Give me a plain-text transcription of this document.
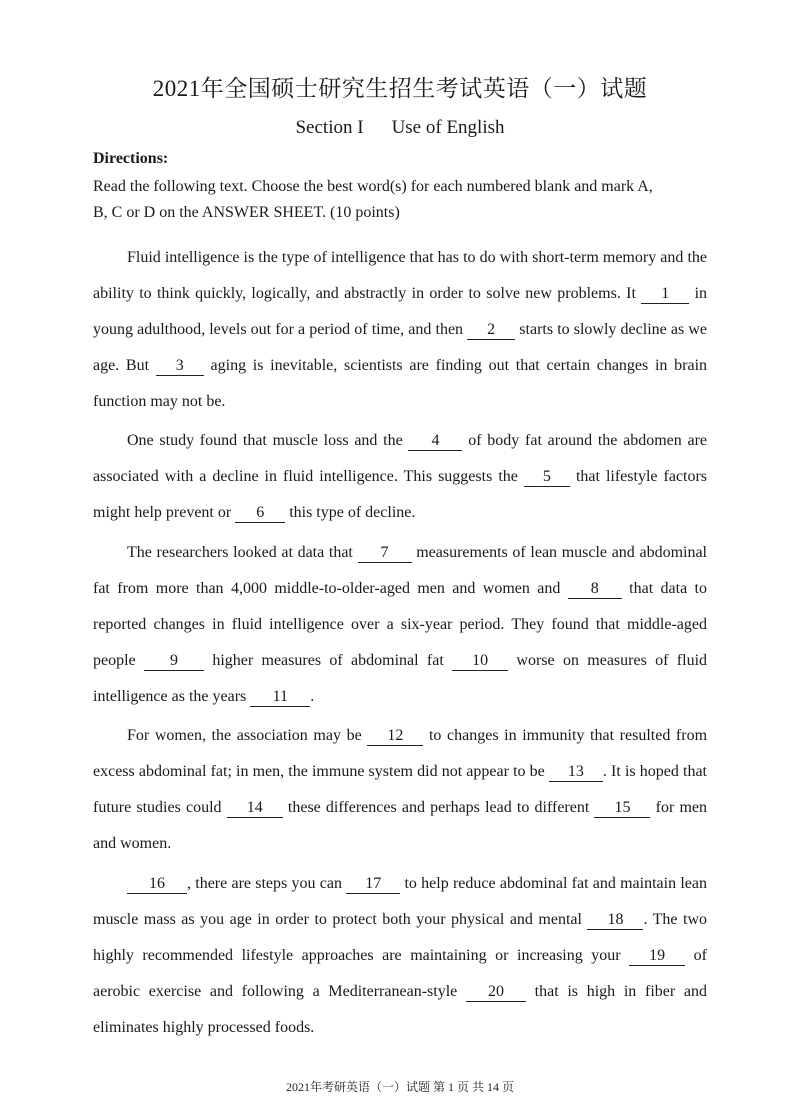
2021年全国硕士研究生招生考试英语（一）试题
Section I Use of English
Directions:
Read the following text. Choose the best word(s) for each numbered blank and mark A,
B, C or D on the ANSWER SHEET. (10 points)

Fluid intelligence is the type of intelligence that has to do with short-term memory and the ability to think quickly, logically, and abstractly in order to solve new problems. It 1 in young adulthood, levels out for a period of time, and then 2 starts to slowly decline as we age. But 3 aging is inevitable, scientists are finding out that certain changes in brain function may not be.

One study found that muscle loss and the 4 of body fat around the abdomen are associated with a decline in fluid intelligence. This suggests the 5 that lifestyle factors might help prevent or 6 this type of decline.

The researchers looked at data that 7 measurements of lean muscle and abdominal fat from more than 4,000 middle-to-older-aged men and women and 8 that data to reported changes in fluid intelligence over a six-year period. They found that middle-aged people 9 higher measures of abdominal fat 10 worse on measures of fluid intelligence as the years 11 .

For women, the association may be 12 to changes in immunity that resulted from excess abdominal fat; in men, the immune system did not appear to be 13 . It is hoped that future studies could 14 these differences and perhaps lead to different 15 for men and women.

16 , there are steps you can 17 to help reduce abdominal fat and maintain lean muscle mass as you age in order to protect both your physical and mental 18 . The two highly recommended lifestyle approaches are maintaining or increasing your 19 of aerobic exercise and following a Mediterranean-style 20 that is high in fiber and eliminates highly processed foods.

2021年考研英语（一）试题 第 1 页 共 14 页
